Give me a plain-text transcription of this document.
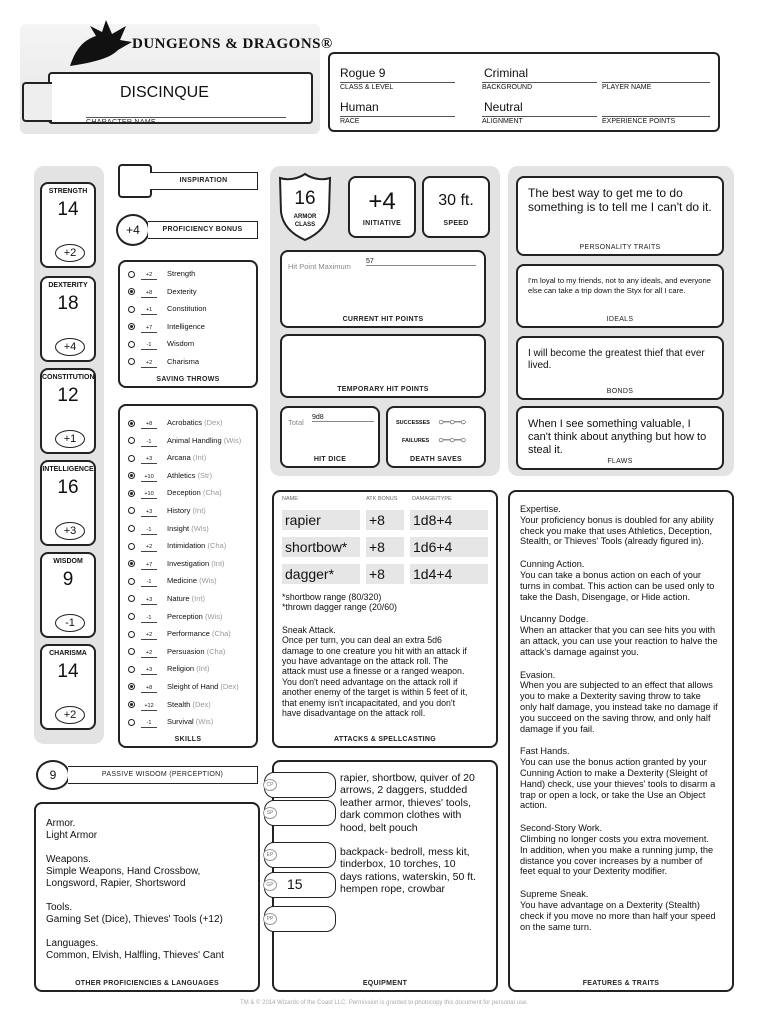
DUNGEONS & DRAGONS®
DISCINQUE
CHARACTER NAME
Rogue 9
CLASS & LEVEL
Criminal
BACKGROUND	PLAYER NAME
Human
RACE
Neutral
ALIGNMENT	EXPERIENCE POINTS
STRENGTH
14
+2
DEXTERITY
18
+4
CONSTITUTION
12
+1
INTELLIGENCE
16
+3
WISDOM
9
-1
CHARISMA
14
+2
INSPIRATION
+4	PROFICIENCY BONUS
+2 Strength
+8 Dexterity
+1 Constitution
+7 Intelligence
-1 Wisdom
+2 Charisma
SAVING THROWS
+8 Acrobatics (Dex)
-1 Animal Handling (Wis)
+3 Arcana (Int)
+10 Athletics (Str)
+10 Deception (Cha)
+3 History (Int)
-1 Insight (Wis)
+2 Intimidation (Cha)
+7 Investigation (Int)
-1 Medicine (Wis)
+3 Nature (Int)
-1 Perception (Wis)
+2 Performance (Cha)
+2 Persuasion (Cha)
+3 Religion (Int)
+8 Sleight of Hand (Dex)
+12 Stealth (Dex)
-1 Survival (Wis)
SKILLS
9	PASSIVE WISDOM (PERCEPTION)
Armor.
Light Armor
Weapons.
Simple Weapons, Hand Crossbow,
Longsword, Rapier, Shortsword
Tools.
Gaming Set (Dice), Thieves' Tools (+12)
Languages.
Common, Elvish, Halfling, Thieves' Cant
OTHER PROFICIENCIES & LANGUAGES
16
ARMOR
CLASS
+4
INITIATIVE
30 ft.
SPEED
Hit Point Maximum
57
CURRENT HIT POINTS
TEMPORARY HIT POINTS
Total
9d8
HIT DICE
SUCCESSES ○─○─○
FAILURES ○─○─○
DEATH SAVES
NAME	ATK BONUS	DAMAGE/TYPE
rapier	+8 1d8+4
shortbow* +8 1d6+4
dagger* +8 1d4+4
*shortbow range (80/320)
*thrown dagger range (20/60)
Sneak Attack.
Once per turn, you can deal an extra 5d6
damage to one creature you hit with an attack if
you have advantage on the attack roll. The
attack must use a finesse or a ranged weapon.
You don't need advantage on the attack roll if
another enemy of the target is within 5 feet of it,
that enemy isn't incapacitated, and you don't
have disadvantage on the attack roll.
ATTACKS & SPELLCASTING
rapier, shortbow, quiver of 20
arrows, 2 daggers, studded
leather armor, thieves' tools,
dark common clothes with
hood, belt pouch
backpack- bedroll, mess kit,
tinderbox, 10 torches, 10
days rations, waterskin, 50 ft.
hempen rope, crowbar
EQUIPMENT
CP
SP
EP
GP 15
PP
The best way to get me to do something is to tell me I can't do it.
PERSONALITY TRAITS
I'm loyal to my friends, not to any ideals, and everyone else can take a trip down the Styx for all I care.
IDEALS
I will become the greatest thief that ever lived.
BONDS
When I see something valuable, I can't think about anything but how to steal it.
FLAWS
Expertise.
Your proficiency bonus is doubled for any ability
check you make that uses Athletics, Deception,
Stealth, or Thieves' Tools (already figured in).
Cunning Action.
You can take a bonus action on each of your
turns in combat. This action can be used only to
take the Dash, Disengage, or Hide action.
Uncanny Dodge.
When an attacker that you can see hits you with
an attack, you can use your reaction to halve the
attack's damage against you.
Evasion.
When you are subjected to an effect that allows
you to make a Dexterity saving throw to take
only half damage, you instead take no damage if
you succeed on the saving throw, and only half
damage if you fail.
Fast Hands.
You can use the bonus action granted by your
Cunning Action to make a Dexterity (Sleight of
Hand) check, use your thieves' tools to disarm a
trap or open a lock, or take the Use an Object
action.
Second-Story Work.
Climbing no longer costs you extra movement.
In addition, when you make a running jump, the
distance you cover increases by a number of
feet equal to your Dexterity modifier.
Supreme Sneak.
You have advantage on a Dexterity (Stealth)
check if you move no more than half your speed
on the same turn.
FEATURES & TRAITS
TM & © 2014 Wizards of the Coast LLC. Permission is granted to photocopy this document for personal use.
